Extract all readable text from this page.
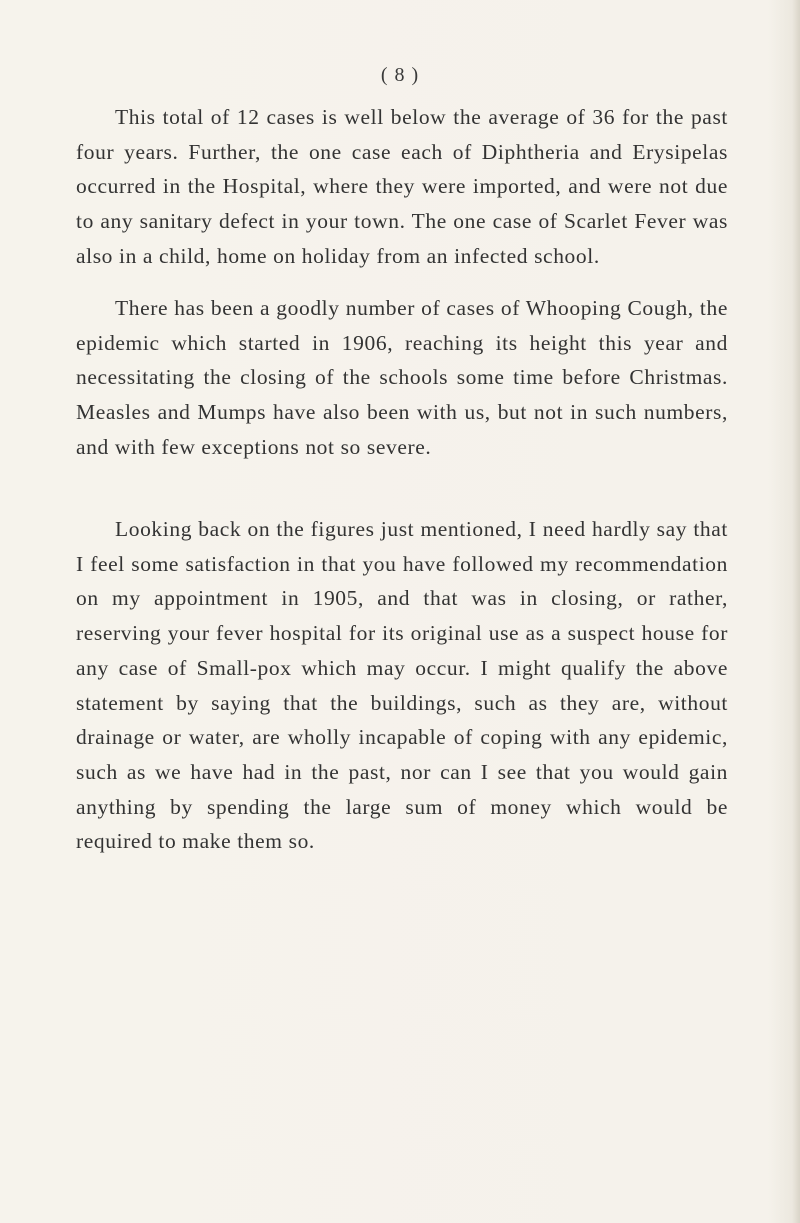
( 8 )

This total of 12 cases is well below the average of 36 for the past four years. Further, the one case each of Diphtheria and Erysipelas occurred in the Hospital, where they were imported, and were not due to any sanitary defect in your town. The one case of Scarlet Fever was also in a child, home on holiday from an infected school.

There has been a goodly number of cases of Whooping Cough, the epidemic which started in 1906, reaching its height this year and necessitating the closing of the schools some time before Christmas. Measles and Mumps have also been with us, but not in such numbers, and with few exceptions not so severe.

Looking back on the figures just mentioned, I need hardly say that I feel some satisfaction in that you have followed my recommendation on my appointment in 1905, and that was in closing, or rather, reserving your fever hospital for its original use as a suspect house for any case of Small-pox which may occur. I might qualify the above statement by saying that the buildings, such as they are, without drainage or water, are wholly incapable of coping with any epidemic, such as we have had in the past, nor can I see that you would gain anything by spending the large sum of money which would be required to make them so.
